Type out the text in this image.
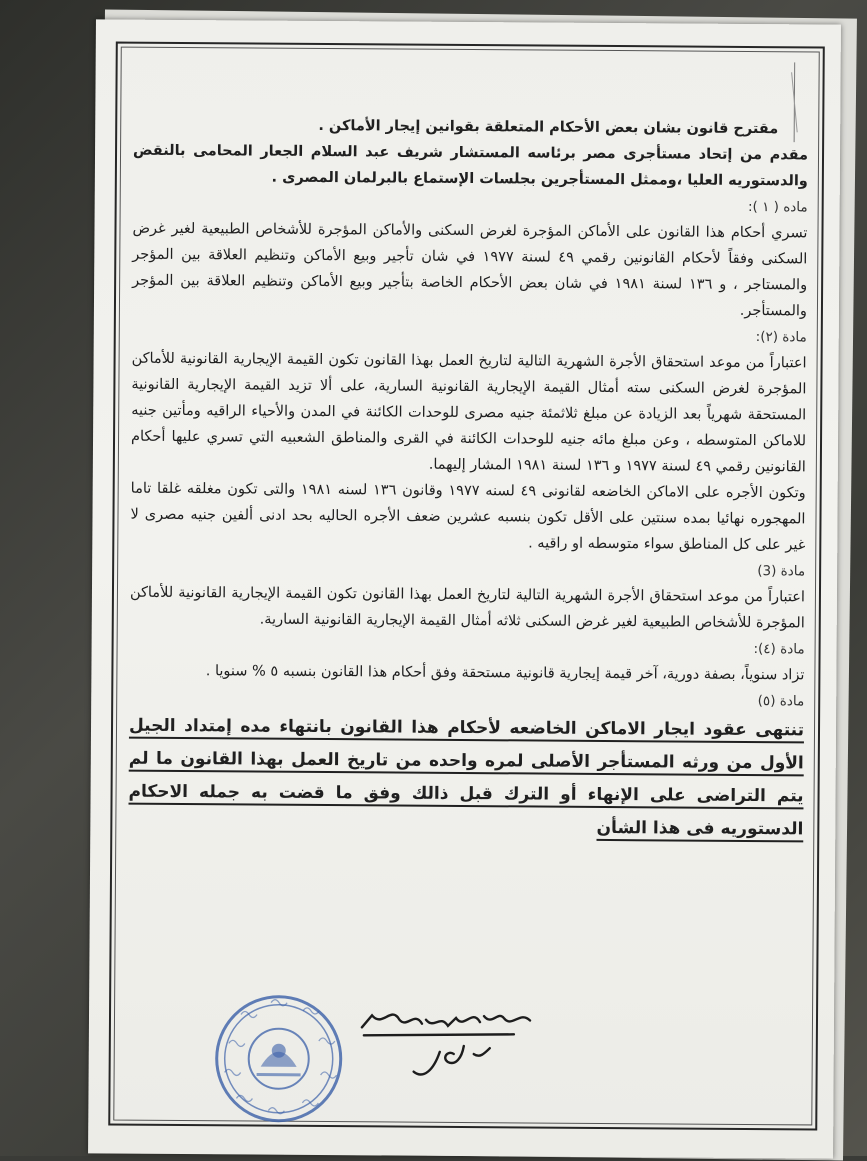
مقترح قانون بشان بعض الأحكام المتعلقة بقوانين إيجار الأماكن .

مقدم من إتحاد مستأجرى مصر برئاسه المستشار شريف عبد السلام الجعار المحامى بالنقض والدستوريه العليا ،وممثل المستأجرين بجلسات الإستماع بالبرلمان المصرى .

ماده ( ١ ):

تسري أحكام هذا القانون على الأماكن المؤجرة لغرض السكنى والأماكن المؤجرة للأشخاص الطبيعية لغير غرض السكنى وفقاً لأحكام القانونين رقمي ٤٩ لسنة ١٩٧٧ في شان تأجير وبيع الأماكن وتنظيم العلاقة بين المؤجر والمستاجر ، و ١٣٦ لسنة ١٩٨١ في شان بعض الأحكام الخاصة بتأجير وبيع الأماكن وتنظيم العلاقة بين المؤجر والمستأجر.

مادة (٢):

اعتباراً من موعد استحقاق الأجرة الشهرية التالية لتاريخ العمل بهذا القانون تكون القيمة الإيجارية القانونية للأماكن المؤجرة لغرض السكنى سته أمثال القيمة الإيجارية القانونية السارية، على ألا تزيد القيمة الإيجارية القانونية المستحقة شهرياً بعد الزيادة عن مبلغ ثلاثمئة جنيه مصرى للوحدات الكائنة في المدن والأحياء الراقيه ومأتين جنيه للاماكن المتوسطه ، وعن مبلغ مائه جنيه للوحدات الكائنة في القرى والمناطق الشعبيه التي تسري عليها أحكام القانونين رقمي ٤٩ لسنة ١٩٧٧ و ١٣٦ لسنة ١٩٨١ المشار إليهما.

وتكون الأجره على الاماكن الخاضعه لقانونى ٤٩ لسنه ١٩٧٧ وقانون ١٣٦ لسنه ١٩٨١ والتى تكون مغلقه غلقا تاما المهجوره نهائيا بمده سنتين على الأقل تكون بنسبه عشرين ضعف الأجره الحاليه بحد ادنى ألفين جنيه مصرى لا غير على كل المناطق سواء متوسطه او راقيه .

مادة (3)

اعتباراً من موعد استحقاق الأجرة الشهرية التالية لتاريخ العمل بهذا القانون تكون القيمة الإيجارية القانونية للأماكن المؤجرة للأشخاص الطبيعية لغير غرض السكنى ثلاثه أمثال القيمة الإيجارية القانونية السارية.

مادة (٤):

تزاد سنوياً، بصفة دورية، آخر قيمة إيجارية قانونية مستحقة وفق أحكام هذا القانون بنسبه ٥ % سنويا .

مادة (٥)

تنتهى عقود ايجار الاماكن الخاضعه لأحكام هذا القانون بانتهاء مده إمتداد الجيل الأول من ورثه المستأجر الأصلى لمره واحده من تاريخ العمل بهذا القانون ما لم يتم التراضى على الإنهاء أو الترك قبل ذالك وفق ما قضت به جمله الاحكام الدستوريه فى هذا الشأن
